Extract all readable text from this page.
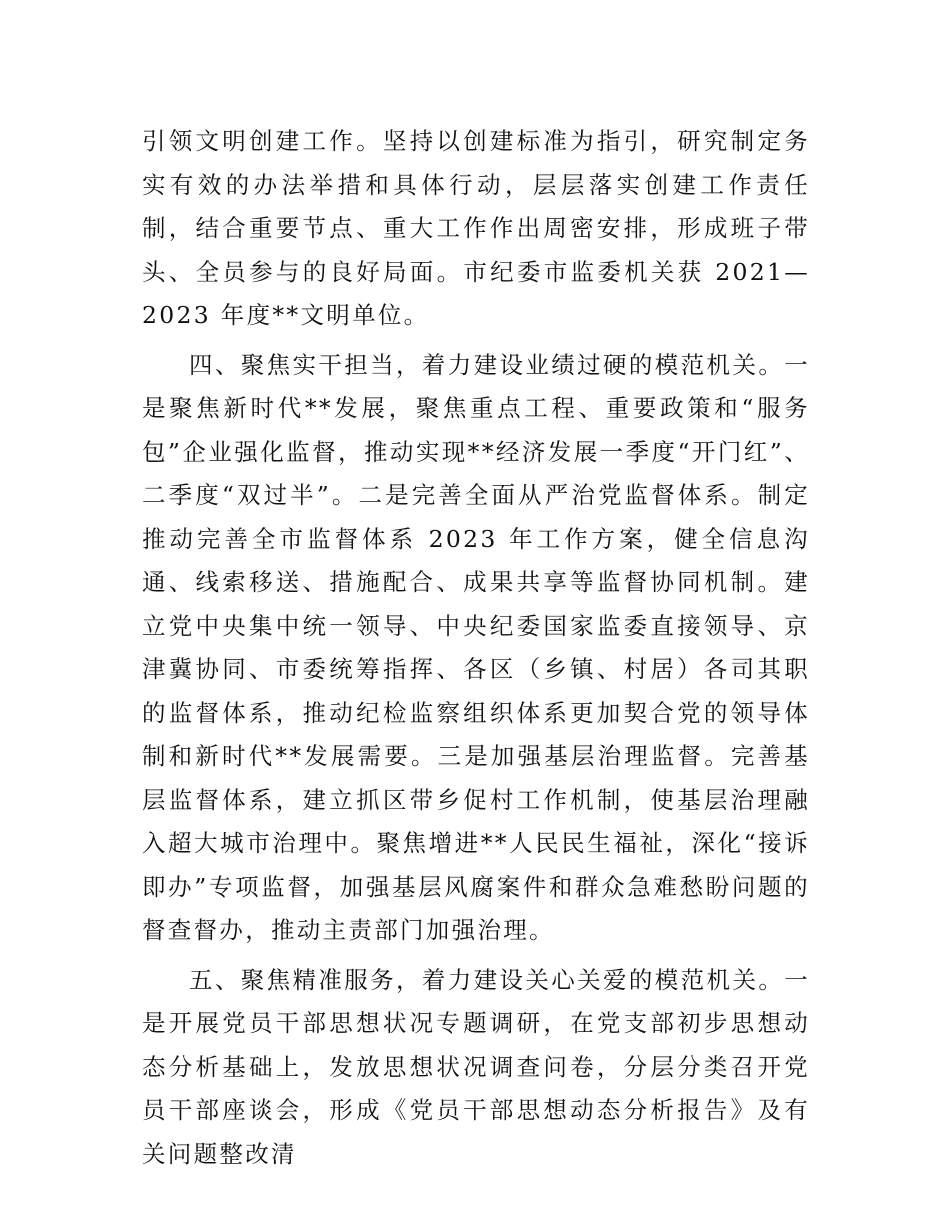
引领文明创建工作。坚持以创建标准为指引，研究制定务实有效的办法举措和具体行动，层层落实创建工作责任制，结合重要节点、重大工作作出周密安排，形成班子带头、全员参与的良好局面。市纪委市监委机关获 2021—2023 年度**文明单位。

四、聚焦实干担当，着力建设业绩过硬的模范机关。一是聚焦新时代**发展，聚焦重点工程、重要政策和“服务包”企业强化监督，推动实现**经济发展一季度“开门红”、二季度“双过半”。二是完善全面从严治党监督体系。制定推动完善全市监督体系 2023 年工作方案，健全信息沟通、线索移送、措施配合、成果共享等监督协同机制。建立党中央集中统一领导、中央纪委国家监委直接领导、京津冀协同、市委统筹指挥、各区（乡镇、村居）各司其职的监督体系，推动纪检监察组织体系更加契合党的领导体制和新时代**发展需要。三是加强基层治理监督。完善基层监督体系，建立抓区带乡促村工作机制，使基层治理融入超大城市治理中。聚焦增进**人民民生福祉，深化“接诉即办”专项监督，加强基层风腐案件和群众急难愁盼问题的督查督办，推动主责部门加强治理。

五、聚焦精准服务，着力建设关心关爱的模范机关。一是开展党员干部思想状况专题调研，在党支部初步思想动态分析基础上，发放思想状况调查问卷，分层分类召开党员干部座谈会，形成《党员干部思想动态分析报告》及有关问题整改清
